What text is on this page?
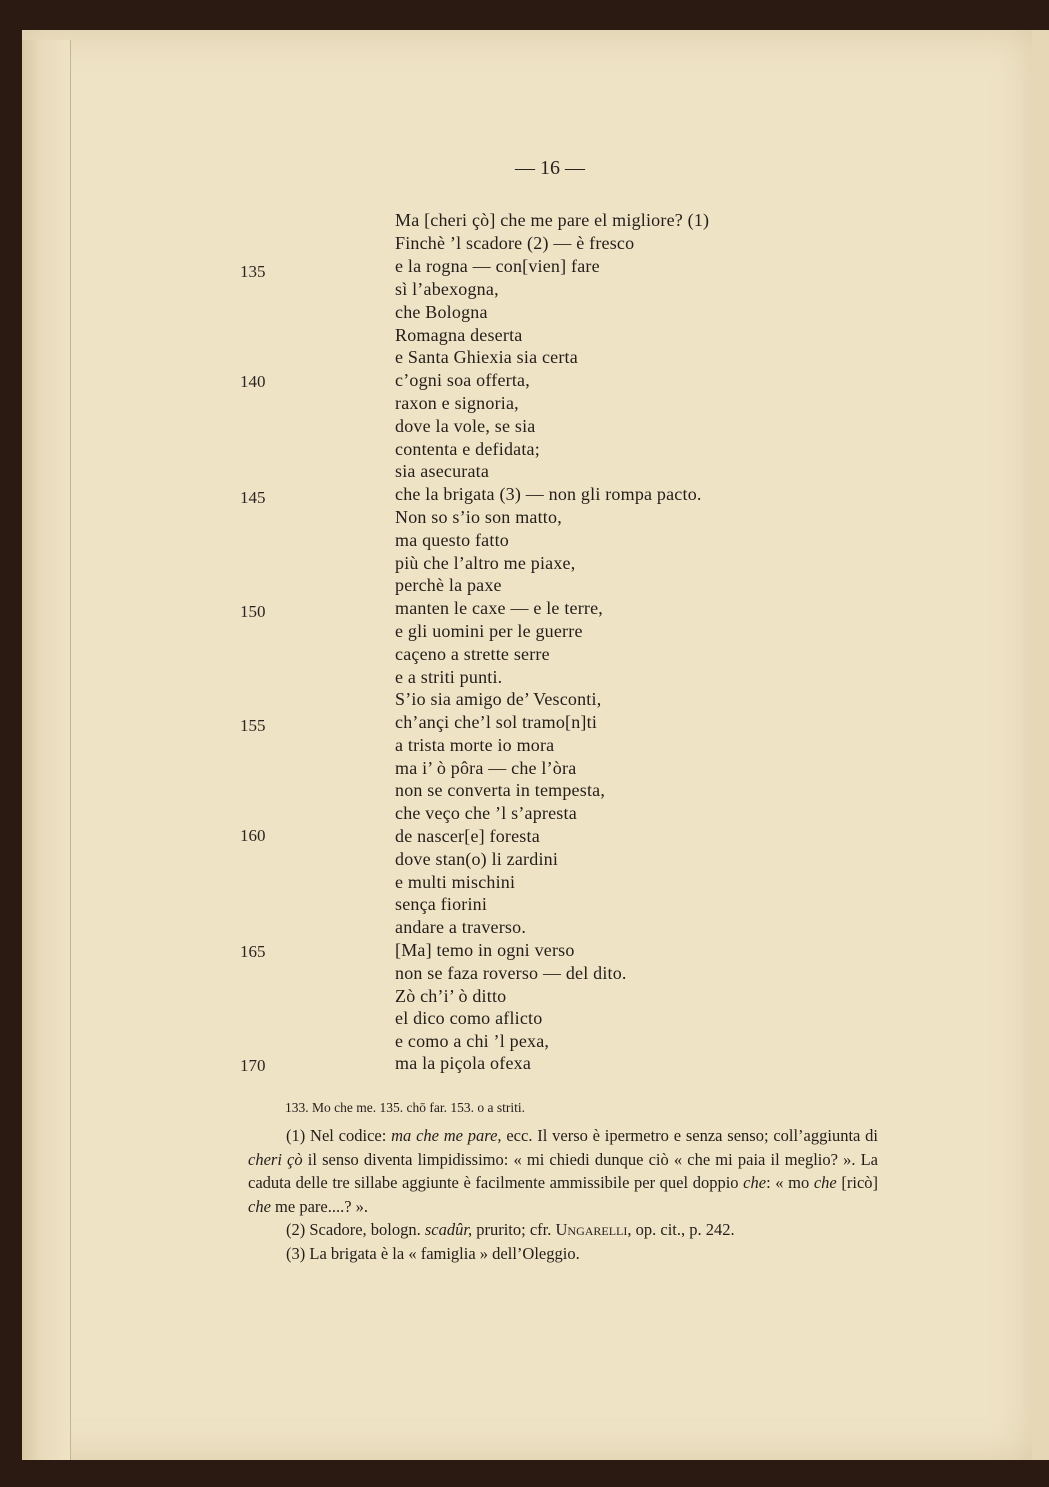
— 16 —
135
140
145
150
155
160
165
170
Ma [cheri çò] che me pare el migliore? (1)
Finchè ’l scadore (2) — è fresco
e la rogna — con[vien] fare
sì l’abexogna,
che Bologna
Romagna deserta
e Santa Ghiexia sia certa
c’ogni soa offerta,
raxon e signoria,
dove la vole, se sia
contenta e defidata;
sia asecurata
che la brigata (3) — non gli rompa pacto.
Non so s’io son matto,
ma questo fatto
più che l’altro me piaxe,
perchè la paxe
manten le caxe — e le terre,
e gli uomini per le guerre
caçeno a strette serre
e a striti punti.
S’io sia amigo de’ Vesconti,
ch’ançi che’l sol tramo[n]ti
a trista morte io mora
ma i’ ò pôra — che l’òra
non se converta in tempesta,
che veço che ’l s’apresta
de nascer[e] foresta
dove stan(o) li zardini
e multi mischini
sença fiorini
andare a traverso.
[Ma] temo in ogni verso
non se faza roverso — del dito.
Zò ch’i’ ò ditto
el dico como aflicto
e como a chi ’l pexa,
ma la piçola ofexa
133. Mo che me. 135. chō far. 153. o a striti.

(1) Nel codice: ma che me pare, ecc. Il verso è ipermetro e senza senso; coll’aggiunta di cheri çò il senso diventa limpidissimo: « mi chiedi dunque ciò « che mi paia il meglio? ». La caduta delle tre sillabe aggiunte è facilmente ammissibile per quel doppio che: « mo che [ricò] che me pare....? ».

(2) Scadore, bologn. scadûr, prurito; cfr. Ungarelli, op. cit., p. 242.

(3) La brigata è la « famiglia » dell’Oleggio.
